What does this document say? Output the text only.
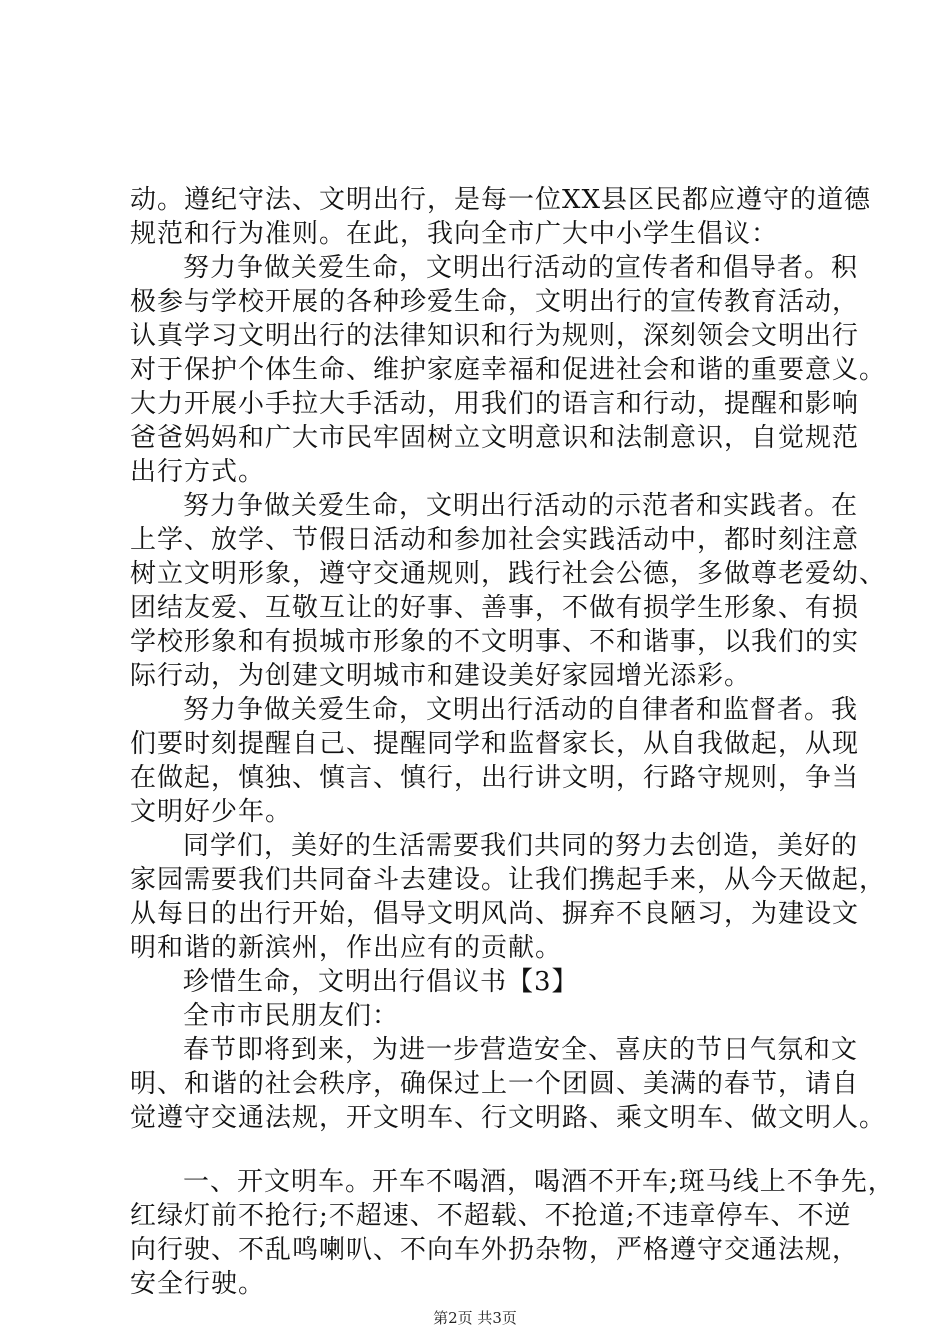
动。遵纪守法、文明出行，是每一位XX县区民都应遵守的道德
规范和行为准则。在此，我向全市广大中小学生倡议：
努力争做关爱生命，文明出行活动的宣传者和倡导者。积
极参与学校开展的各种珍爱生命，文明出行的宣传教育活动，
认真学习文明出行的法律知识和行为规则，深刻领会文明出行
对于保护个体生命、维护家庭幸福和促进社会和谐的重要意义。
大力开展小手拉大手活动，用我们的语言和行动，提醒和影响
爸爸妈妈和广大市民牢固树立文明意识和法制意识，自觉规范
出行方式。
努力争做关爱生命，文明出行活动的示范者和实践者。在
上学、放学、节假日活动和参加社会实践活动中，都时刻注意
树立文明形象，遵守交通规则，践行社会公德，多做尊老爱幼、
团结友爱、互敬互让的好事、善事，不做有损学生形象、有损
学校形象和有损城市形象的不文明事、不和谐事，以我们的实
际行动，为创建文明城市和建设美好家园增光添彩。
努力争做关爱生命，文明出行活动的自律者和监督者。我
们要时刻提醒自己、提醒同学和监督家长，从自我做起，从现
在做起，慎独、慎言、慎行，出行讲文明，行路守规则，争当
文明好少年。
同学们，美好的生活需要我们共同的努力去创造，美好的
家园需要我们共同奋斗去建设。让我们携起手来，从今天做起，
从每日的出行开始，倡导文明风尚、摒弃不良陋习，为建设文
明和谐的新滨州，作出应有的贡献。
珍惜生命，文明出行倡议书【3】
全市市民朋友们：
春节即将到来，为进一步营造安全、喜庆的节日气氛和文
明、和谐的社会秩序，确保过上一个团圆、美满的春节，请自
觉遵守交通法规，开文明车、行文明路、乘文明车、做文明人。
一、开文明车。开车不喝酒，喝酒不开车;斑马线上不争先，
红绿灯前不抢行;不超速、不超载、不抢道;不违章停车、不逆
向行驶、不乱鸣喇叭、不向车外扔杂物，严格遵守交通法规，
安全行驶。
第2页 共3页
